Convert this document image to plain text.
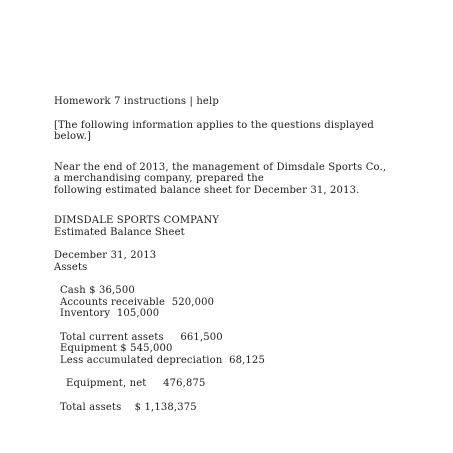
Homework 7 instructions | help
[The following information applies to the questions displayed
below.]
Near the end of 2013, the management of Dimsdale Sports Co.,
a merchandising company, prepared the
following estimated balance sheet for December 31, 2013.
DIMSDALE SPORTS COMPANY
Estimated Balance Sheet
December 31, 2013
Assets
Cash $ 36,500
Accounts receivable  520,000
Inventory  105,000
Total current assets     661,500
Equipment $ 545,000
Less accumulated depreciation  68,125
Equipment, net     476,875
Total assets    $ 1,138,375
